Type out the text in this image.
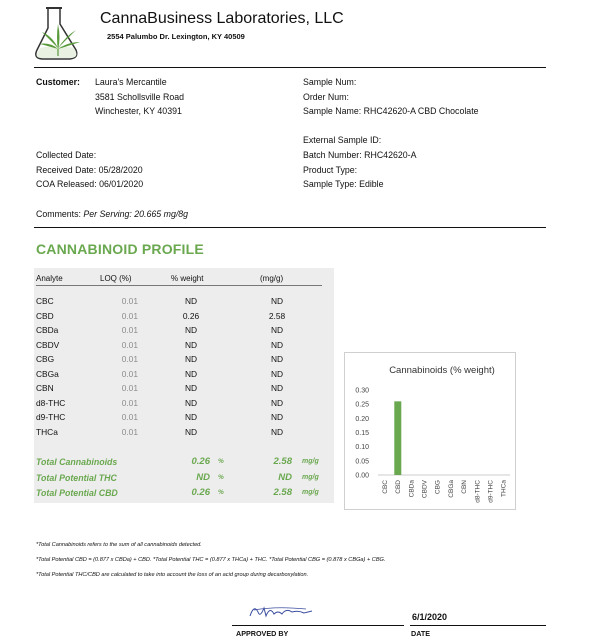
CannaBusiness Laboratories, LLC
2554 Palumbo Dr. Lexington, KY 40509
Customer: Laura's Mercantile
3581 Schollsville Road
Winchester, KY 40391
Collected Date:
Received Date: 05/28/2020
COA Released: 06/01/2020
Sample Num:
Order Num:
Sample Name: RHC42620-A CBD Chocolate
External Sample ID:
Batch Number: RHC42620-A
Product Type:
Sample Type: Edible
Comments: Per Serving: 20.665 mg/8g
CANNABINOID PROFILE
Analyte	LOQ (%)	% weight	(mg/g)
CBC	0.01	ND	ND
CBD	0.01	0.26	2.58
CBDa	0.01	ND	ND
CBDV	0.01	ND	ND
CBG	0.01	ND	ND
CBGa	0.01	ND	ND
CBN	0.01	ND	ND
d8-THC	0.01	ND	ND
d9-THC	0.01	ND	ND
THCa	0.01	ND	ND
Total Cannabinoids	0.26 %	2.58 mg/g
Total Potential THC	ND %	ND mg/g
Total Potential CBD	0.26 %	2.58 mg/g
Cannabinoids (% weight)
0.00
0.05
0.10
0.15
0.20
0.25
0.30
CBC CBD CBDa CBDV CBG CBGa CBN d8-THC d9-THC THCa
*Total Cannabinoids refers to the sum of all cannabinoids detected.
*Total Potential CBD = (0.877 x CBDa) + CBD. *Total Potential THC = (0.877 x THCa) + THC. *Total Potential CBG = (0.878 x CBGa) + CBG.
*Total Potential THC/CBD are calculated to take into account the loss of an acid group during decarboxylation.
6/1/2020
APPROVED BY	DATE
